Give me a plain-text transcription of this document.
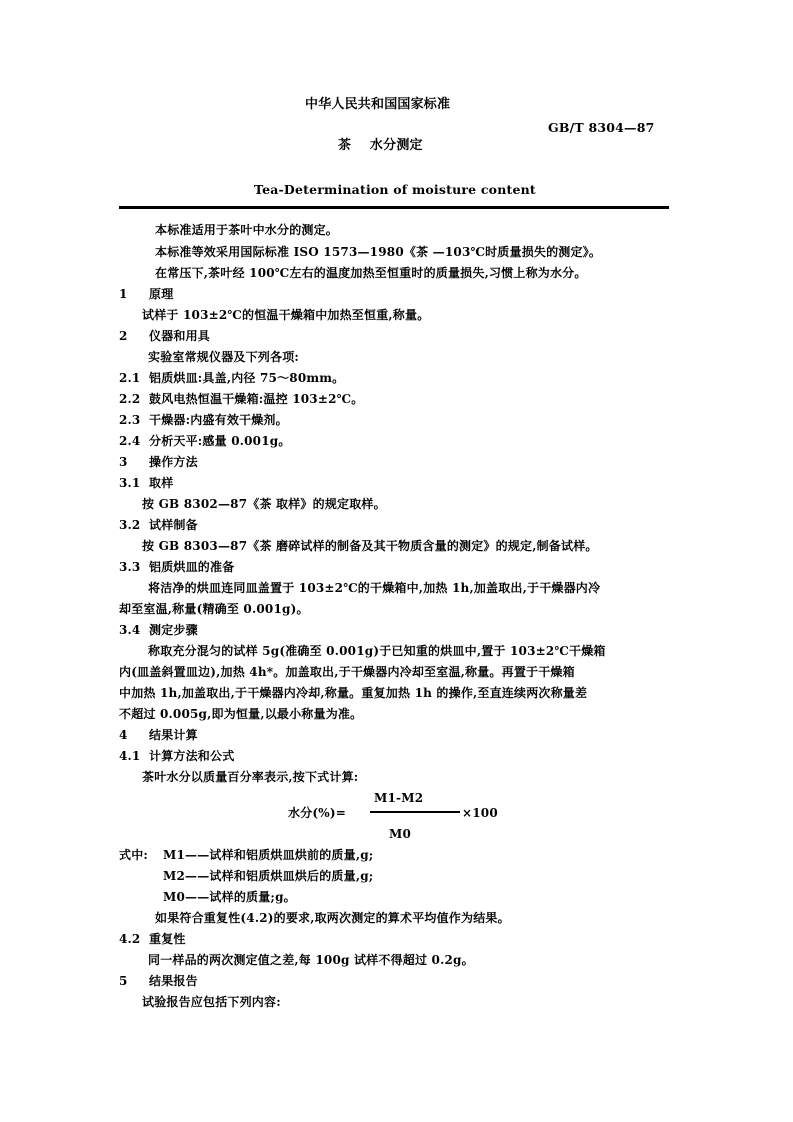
中华人民共和国国家标准
GB/T 8304—87
茶 水分测定
Tea-Determination of moisture content
本标准适用于茶叶中水分的测定。
本标准等效采用国际标准 ISO 1573—1980《茶 —103℃时质量损失的测定》。
在常压下,茶叶经 100℃左右的温度加热至恒重时的质量损失,习惯上称为水分。
1 原理
试样于 103±2℃的恒温干燥箱中加热至恒重,称量。
2 仪器和用具
实验室常规仪器及下列各项:
2.1 铝质烘皿:具盖,内径 75～80mm。
2.2 鼓风电热恒温干燥箱:温控 103±2℃。
2.3 干燥器:内盛有效干燥剂。
2.4 分析天平:感量 0.001g。
3 操作方法
3.1 取样
按 GB 8302—87《茶 取样》的规定取样。
3.2 试样制备
按 GB 8303—87《茶 磨碎试样的制备及其干物质含量的测定》的规定,制备试样。
3.3 铝质烘皿的准备
将洁净的烘皿连同皿盖置于 103±2℃的干燥箱中,加热 1h,加盖取出,于干燥器内冷
却至室温,称量(精确至 0.001g)。
3.4 测定步骤
称取充分混匀的试样 5g(准确至 0.001g)于已知重的烘皿中,置于 103±2℃干燥箱
内(皿盖斜置皿边),加热 4h*。加盖取出,于干燥器内冷却至室温,称量。再置于干燥箱
中加热 1h,加盖取出,于干燥器内冷却,称量。重复加热 1h 的操作,至直连续两次称量差
不超过 0.005g,即为恒量,以最小称量为准。
4 结果计算
4.1 计算方法和公式
茶叶水分以质量百分率表示,按下式计算:
M1-M2
水分(%)=	×100
M0
式中: M1——试样和铝质烘皿烘前的质量,g;
M2——试样和铝质烘皿烘后的质量,g;
M0——试样的质量;g。
如果符合重复性(4.2)的要求,取两次测定的算术平均值作为结果。
4.2 重复性
同一样品的两次测定值之差,每 100g 试样不得超过 0.2g。
5 结果报告
试验报告应包括下列内容:
